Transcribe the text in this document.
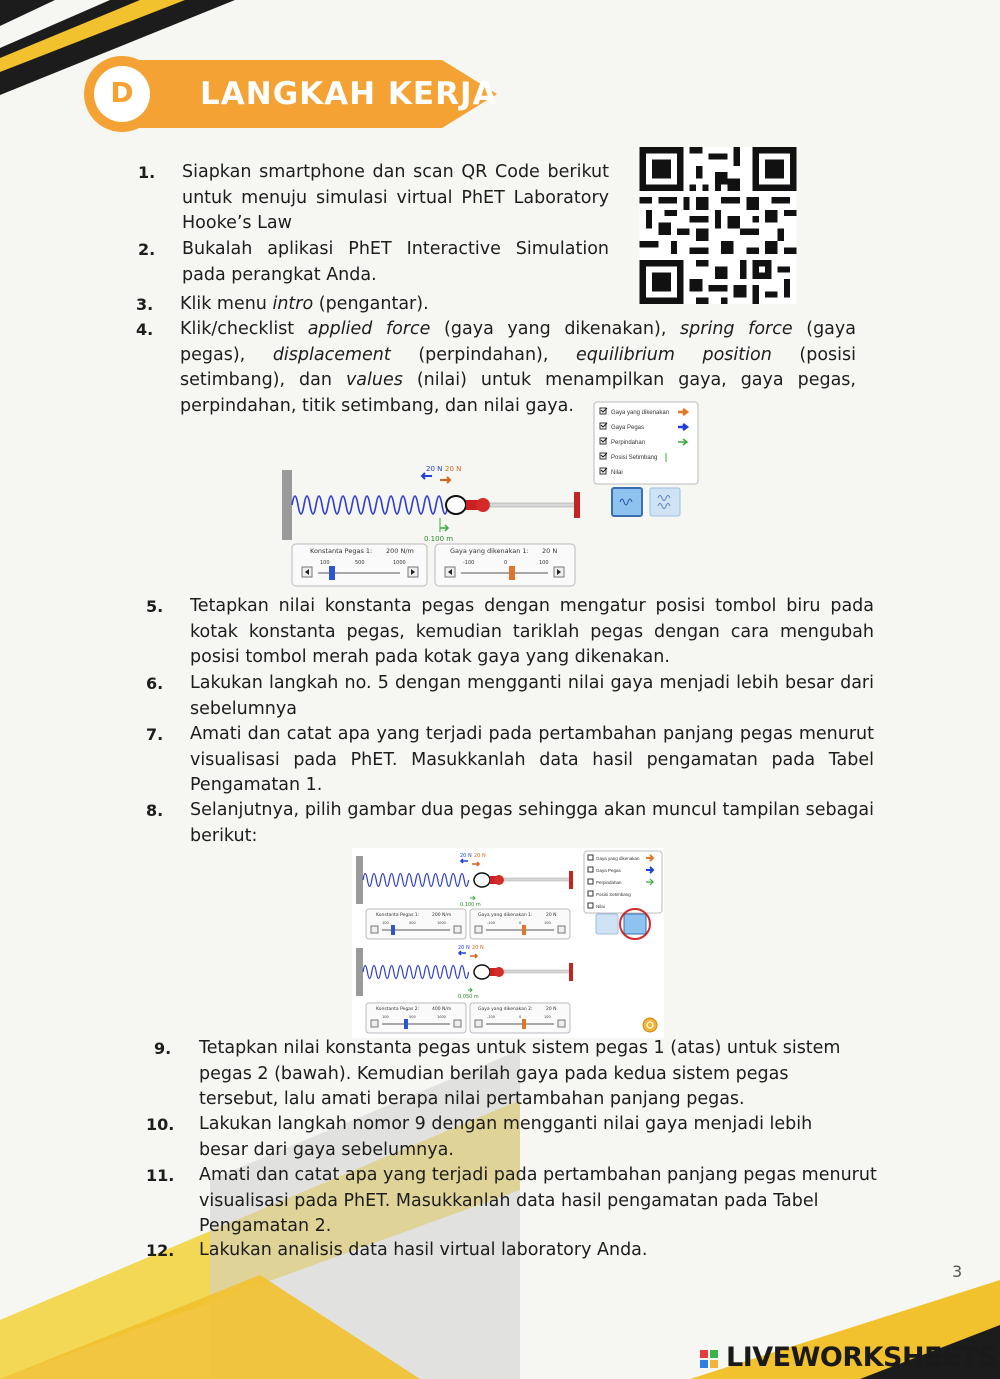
D LANGKAH KERJA
1. Siapkan smartphone dan scan QR Code berikut untuk menuju simulasi virtual PhET Laboratory Hooke’s Law
2. Bukalah aplikasi PhET Interactive Simulation pada perangkat Anda.
3. Klik menu intro (pengantar).
4. Klik/checklist applied force (gaya yang dikenakan), spring force (gaya pegas), displacement (perpindahan), equilibrium position (posisi setimbang), dan values (nilai) untuk menampilkan gaya, gaya pegas, perpindahan, titik setimbang, dan nilai gaya.	Gaya yang dikenakan
Gaya Pegas
Perpindahan
Posisi Setimbang
Nilai
20 N 20 N
0.100 m
Konstanta Pegas 1: 200 N/m
100	500	1000
Gaya yang dikenakan 1: 20 N
-100	0	100
5. Tetapkan nilai konstanta pegas dengan mengatur posisi tombol biru pada kotak konstanta pegas, kemudian tariklah pegas dengan cara mengubah posisi tombol merah pada kotak gaya yang dikenakan.
6. Lakukan langkah no. 5 dengan mengganti nilai gaya menjadi lebih besar dari sebelumnya
7. Amati dan catat apa yang terjadi pada pertambahan panjang pegas menurut visualisasi pada PhET. Masukkanlah data hasil pengamatan pada Tabel Pengamatan 1.
8. Selanjutnya, pilih gambar dua pegas sehingga akan muncul tampilan sebagai berikut:
Gaya yang dikenakan
Gaya Pegas
Perpindahan
Posisi Setimbang
Nilai
20 N 20 N
0.100 m
Konstanta Pegas 1:	200 N/m
100	500	1000
Gaya yang dikenakan 1:	20 N
-100	0	100
20 N 20 N
0.050 m
Konstanta Pegas 2:	400 N/m
100	500	1000
Gaya yang dikenakan 2:	20 N
-100	0	100
9. Tetapkan nilai konstanta pegas untuk sistem pegas 1 (atas) untuk sistem pegas 2 (bawah). Kemudian berilah gaya pada kedua sistem pegas tersebut, lalu amati berapa nilai pertambahan panjang pegas.
10. Lakukan langkah nomor 9 dengan mengganti nilai gaya menjadi lebih besar dari gaya sebelumnya.
11. Amati dan catat apa yang terjadi pada pertambahan panjang pegas menurut visualisasi pada PhET. Masukkanlah data hasil pengamatan pada Tabel Pengamatan 2.
12. Lakukan analisis data hasil virtual laboratory Anda.
3
LIVEWORKSHEETS
